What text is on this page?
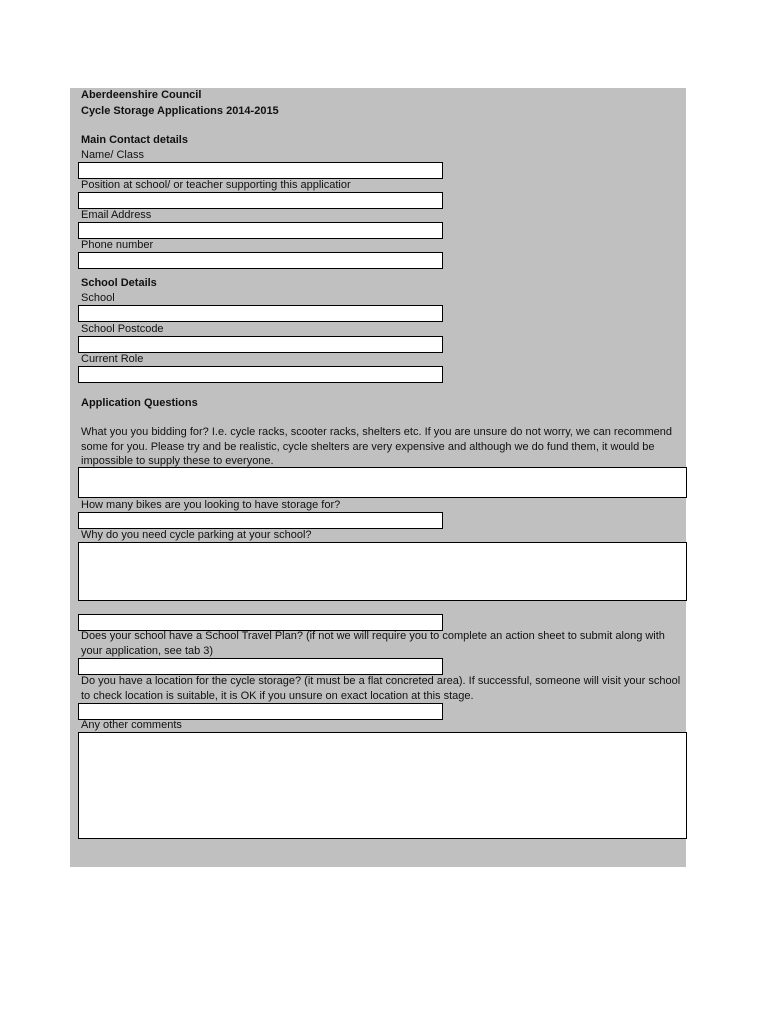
Aberdeenshire Council
Cycle Storage Applications 2014-2015
Main Contact details
Name/ Class
Position at school/ or teacher supporting this applicatior
Email Address
Phone number
School Details
School
School Postcode
Current Role
Application Questions
What you you bidding for? I.e. cycle racks, scooter racks, shelters etc. If you are unsure do not worry, we can recommend some for you. Please try and be realistic, cycle shelters are very expensive and although we do fund them, it would be impossible to supply these to everyone.
How many bikes are you looking to have storage for?
Why do you need cycle parking at your school?
Does your school have a School Travel Plan? (if not we will require you to complete an action sheet to submit along with your application, see tab 3)
Do you have a location for the cycle storage? (it must be a flat concreted area). If successful, someone will visit your school to check location is suitable, it is OK if you unsure on exact location at this stage.
Any other comments
